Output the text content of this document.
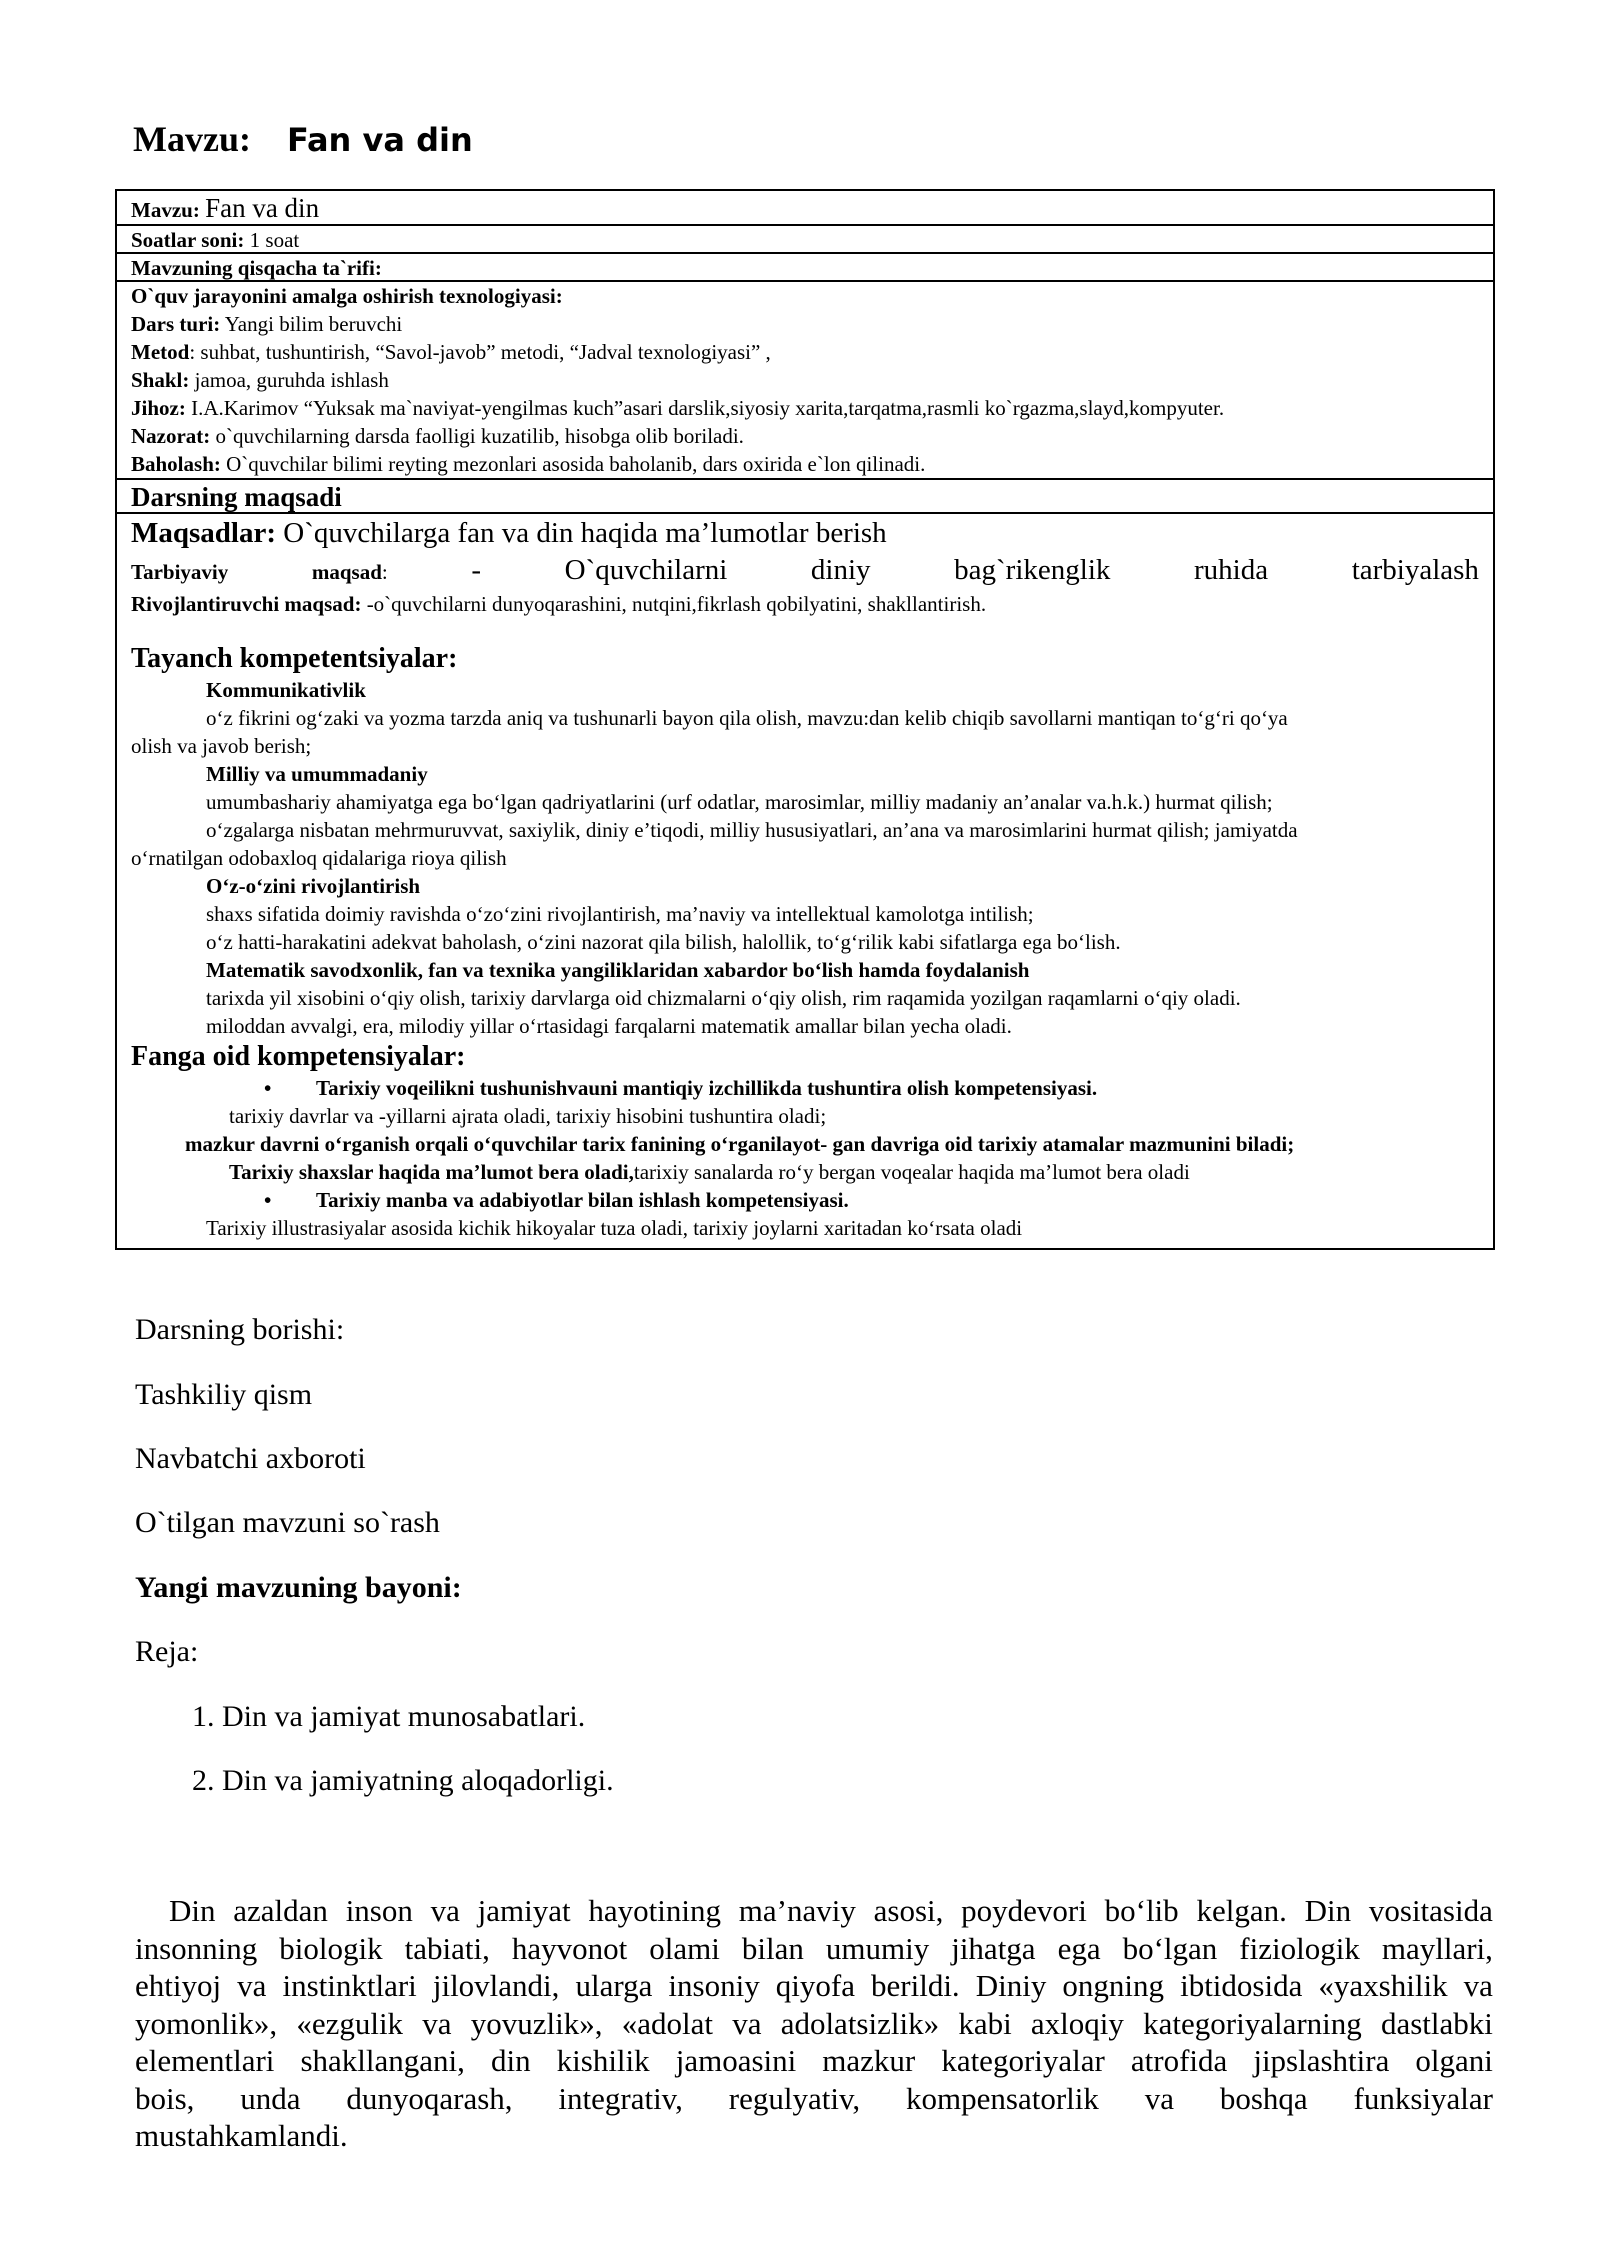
Mavzu: Fan va din
Mavzu: Fan va din
Soatlar soni: 1 soat
Mavzuning qisqacha ta`rifi:
O`quv jarayonini amalga oshirish texnologiyasi:
Dars turi: Yangi bilim beruvchi
Metod: suhbat, tushuntirish, “Savol-javob” metodi, “Jadval texnologiyasi” ,
Shakl: jamoa, guruhda ishlash
Jihoz: I.A.Karimov “Yuksak ma`naviyat-yengilmas kuch”asari darslik,siyosiy xarita,tarqatma,rasmli ko`rgazma,slayd,kompyuter.
Nazorat: o`quvchilarning darsda faolligi kuzatilib, hisobga olib boriladi.
Baholash: O`quvchilar bilimi reyting mezonlari asosida baholanib, dars oxirida e`lon qilinadi.
Darsning maqsadi
Maqsadlar: O`quvchilarga fan va din haqida ma’lumotlar berish
Tarbiyaviy	maqsad:	-	O`quvchilarni	diniy	bag`rikenglik	ruhida	tarbiyalash
Rivojlantiruvchi maqsad: -o`quvchilarni dunyoqarashini, nutqini,fikrlash qobilyatini, shakllantirish.
Tayanch kompetentsiyalar:
Kommunikativlik
o‘z fikrini og‘zaki va yozma tarzda aniq va tushunarli bayon qila olish, mavzu:dan kelib chiqib savollarni mantiqan to‘g‘ri qo‘ya
olish va javob berish;
Milliy va umummadaniy
umumbashariy ahamiyatga ega bo‘lgan qadriyatlarini (urf odatlar, marosimlar, milliy madaniy an’analar va.h.k.) hurmat qilish;
o‘zgalarga nisbatan mehrmuruvvat, saxiylik, diniy e’tiqodi, milliy hususiyatlari, an’ana va marosimlarini hurmat qilish; jamiyatda
o‘rnatilgan odobaxloq qidalariga rioya qilish
O‘z-o‘zini rivojlantirish
shaxs sifatida doimiy ravishda o‘zo‘zini rivojlantirish, ma’naviy va intellektual kamolotga intilish;
o‘z hatti-harakatini adekvat baholash, o‘zini nazorat qila bilish, halollik, to‘g‘rilik kabi sifatlarga ega bo‘lish.
Matematik savodxonlik, fan va texnika yangiliklaridan xabardor bo‘lish hamda foydalanish
tarixda yil xisobini o‘qiy olish, tarixiy darvlarga oid chizmalarni o‘qiy olish, rim raqamida yozilgan raqamlarni o‘qiy oladi.
miloddan avvalgi, era, milodiy yillar o‘rtasidagi farqalarni matematik amallar bilan yecha oladi.
Fanga oid kompetensiyalar:
• Tarixiy voqeilikni tushunishvauni mantiqiy izchillikda tushuntira olish kompetensiyasi.
tarixiy davrlar va -yillarni ajrata oladi, tarixiy hisobini tushuntira oladi;
mazkur davrni o‘rganish orqali o‘quvchilar tarix fanining o‘rganilayot- gan davriga oid tarixiy atamalar mazmunini biladi;
Tarixiy shaxslar haqida ma’lumot bera oladi,tarixiy sanalarda ro‘y bergan voqealar haqida ma’lumot bera oladi
• Tarixiy manba va adabiyotlar bilan ishlash kompetensiyasi.
Tarixiy illustrasiyalar asosida kichik hikoyalar tuza oladi, tarixiy joylarni xaritadan ko‘rsata oladi
Darsning borishi:
Tashkiliy qism
Navbatchi axboroti
O`tilgan mavzuni so`rash
Yangi mavzuning bayoni:
Reja:
1. Din va jamiyat munosabatlari.
2. Din va jamiyatning aloqadorligi.
Din azaldan inson va jamiyat hayotining ma’naviy asosi, poydevori bo‘lib kelgan. Din vositasida
insonning biologik tabiati, hayvonot olami bilan umumiy jihatga ega bo‘lgan fiziologik mayllari,
ehtiyoj va instinktlari jilovlandi, ularga insoniy qiyofa berildi. Diniy ongning ibtidosida «yaxshilik va
yomonlik», «ezgulik va yovuzlik», «adolat va adolatsizlik» kabi axloqiy kategoriyalarning dastlabki
elementlari shakllangani, din kishilik jamoasini mazkur kategoriyalar atrofida jipslashtira olgani
bois, unda dunyoqarash, integrativ, regulyativ, kompensatorlik va boshqa funksiyalar
mustahkamlandi.
